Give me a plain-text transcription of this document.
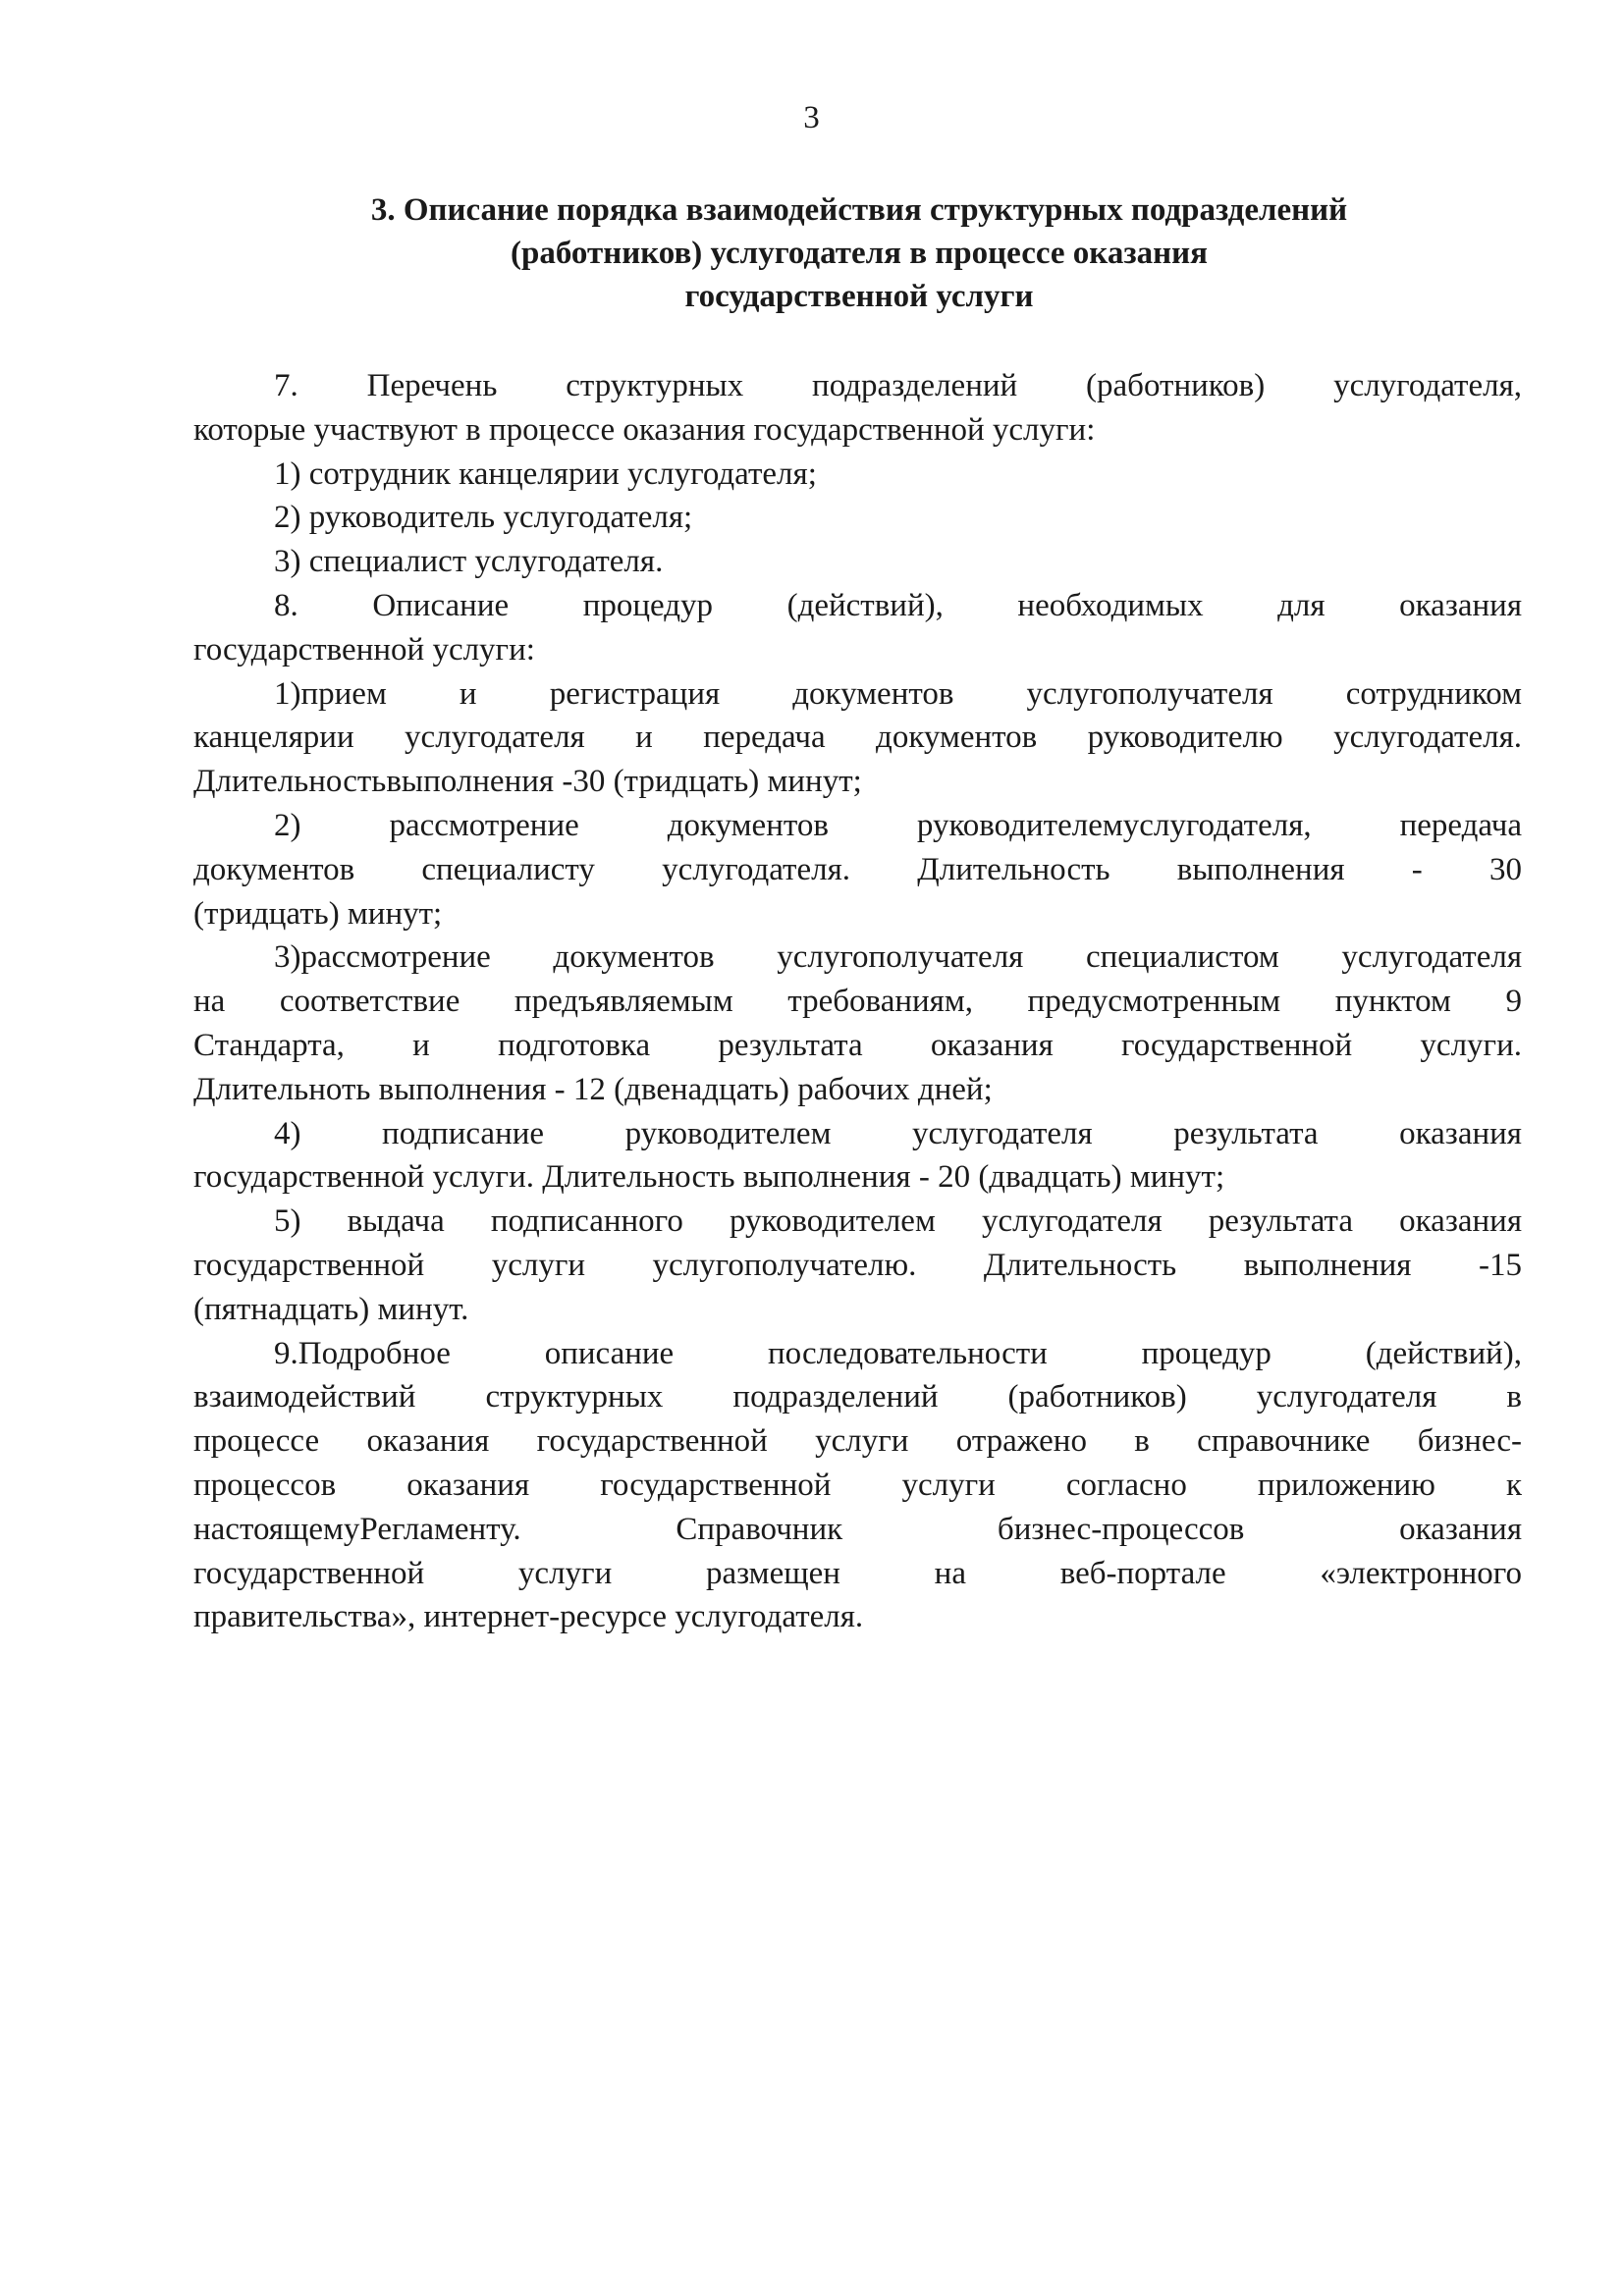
3
3. Описание порядка взаимодействия структурных подразделений
(работников) услугодателя в процессе оказания
государственной услуги
7. Перечень структурных подразделений (работников) услугодателя,
которые участвуют в процессе оказания государственной услуги:
1) сотрудник канцелярии услугодателя;
2) руководитель услугодателя;
3) специалист услугодателя.
8. Описание процедур (действий), необходимых для оказания
государственной услуги:
1)прием и регистрация документов услугополучателя сотрудником
канцелярии услугодателя и передача документов руководителю услугодателя.
Длительностьвыполнения -30 (тридцать) минут;
2) рассмотрение документов руководителемуслугодателя, передача
документов специалисту услугодателя. Длительность выполнения - 30
(тридцать) минут;
3)рассмотрение документов услугополучателя специалистом услугодателя
на соответствие предъявляемым требованиям, предусмотренным пунктом 9
Стандарта, и подготовка результата оказания государственной услуги.
Длительноть выполнения - 12 (двенадцать) рабочих дней;
4) подписание руководителем услугодателя результата оказания
государственной услуги. Длительность выполнения - 20 (двадцать) минут;
5) выдача подписанного руководителем услугодателя результата оказания
государственной услуги услугополучателю. Длительность выполнения -15
(пятнадцать) минут.
9.Подробное описание последовательности процедур (действий),
взаимодействий структурных подразделений (работников) услугодателя в
процессе оказания государственной услуги отражено в справочнике бизнес-
процессов оказания государственной услуги согласно приложению к
настоящемуРегламенту. Справочник бизнес-процессов оказания
государственной услуги размещен на веб-портале «электронного
правительства», интернет-ресурсе услугодателя.
